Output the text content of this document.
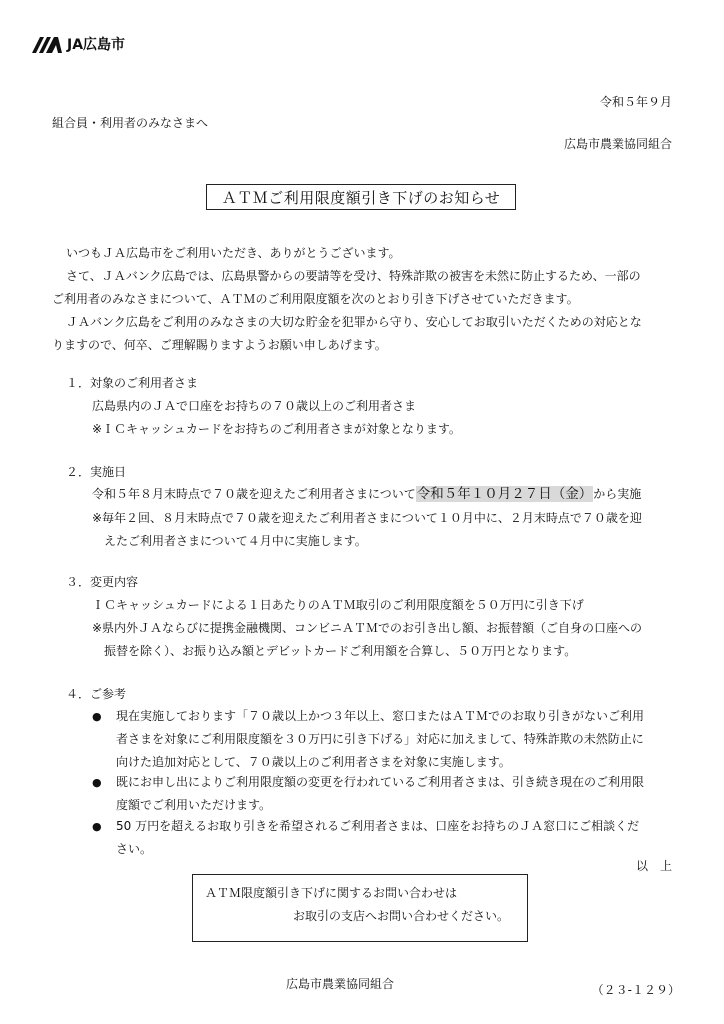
JA広島市
令和５年９月
組合員・利用者のみなさまへ
広島市農業協同組合
ＡＴＭご利用限度額引き下げのお知らせ
いつもＪＡ広島市をご利用いただき、ありがとうございます。
さて、ＪＡバンク広島では、広島県警からの要請等を受け、特殊詐欺の被害を未然に防止するため、一部の
ご利用者のみなさまについて、ＡＴＭのご利用限度額を次のとおり引き下げさせていただきます。
ＪＡバンク広島をご利用のみなさまの大切な貯金を犯罪から守り、安心してお取引いただくための対応とな
りますので、何卒、ご理解賜りますようお願い申しあげます。
１．対象のご利用者さま
広島県内のＪＡで口座をお持ちの７０歳以上のご利用者さま
※ＩＣキャッシュカードをお持ちのご利用者さまが対象となります。
２．実施日
令和５年８月末時点で７０歳を迎えたご利用者さまについて令和５年１０月２７日（金）から実施
※毎年２回、８月末時点で７０歳を迎えたご利用者さまについて１０月中に、２月末時点で７０歳を迎
えたご利用者さまについて４月中に実施します。
３．変更内容
ＩＣキャッシュカードによる１日あたりのＡＴＭ取引のご利用限度額を５０万円に引き下げ
※県内外ＪＡならびに提携金融機関、コンビニＡＴＭでのお引き出し額、お振替額（ご自身の口座への
振替を除く）、お振り込み額とデビットカードご利用額を合算し、５０万円となります。
４．ご参考
● 現在実施しております「７０歳以上かつ３年以上、窓口またはＡＴＭでのお取り引きがないご利用
者さまを対象にご利用限度額を３０万円に引き下げる」対応に加えまして、特殊詐欺の未然防止に
向けた追加対応として、７０歳以上のご利用者さまを対象に実施します。
● 既にお申し出によりご利用限度額の変更を行われているご利用者さまは、引き続き現在のご利用限
度額でご利用いただけます。
● 50 万円を超えるお取り引きを希望されるご利用者さまは、口座をお持ちのＪＡ窓口にご相談くだ
さい。
以　上
ＡＴＭ限度額引き下げに関するお問い合わせは
お取引の支店へお問い合わせください。
広島市農業協同組合	（２３-１２９）
